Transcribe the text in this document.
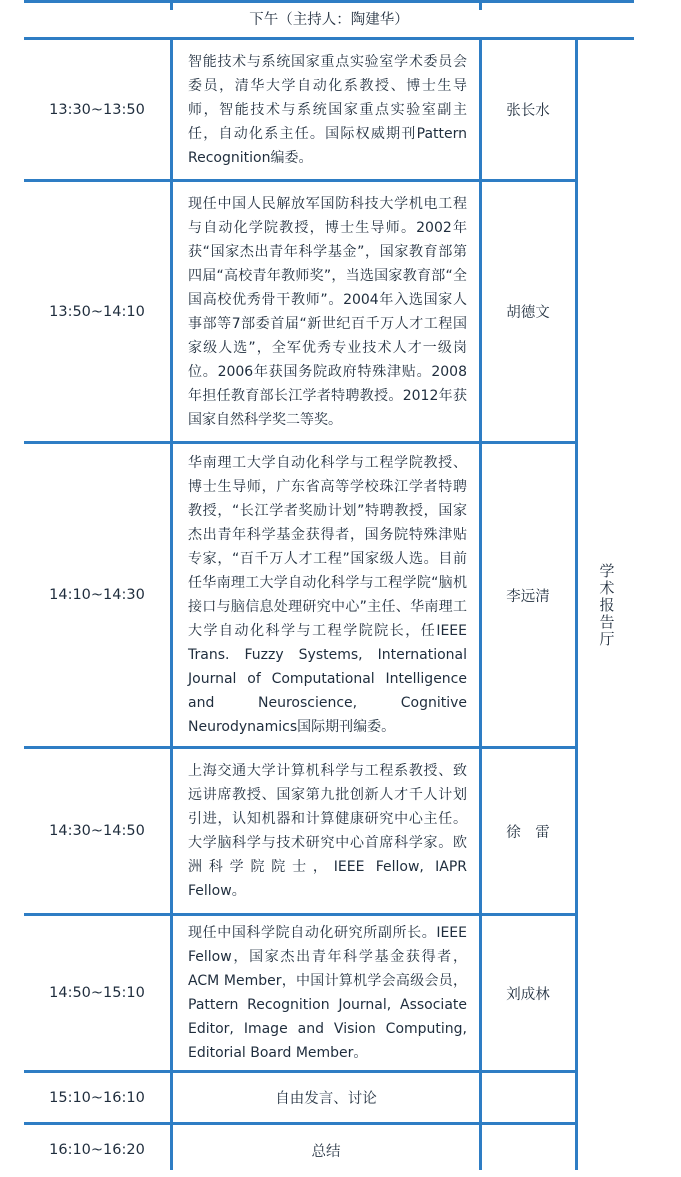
下午（主持人：陶建华）
学术报告厅
13:30~13:50
智能技术与系统国家重点实验室学术委员会委员，清华大学自动化系教授、博士生导师，智能技术与系统国家重点实验室副主任，自动化系主任。国际权威期刊Pattern Recognition编委。
张长水
13:50~14:10
现任中国人民解放军国防科技大学机电工程与自动化学院教授，博士生导师。2002年获“国家杰出青年科学基金”，国家教育部第四届“高校青年教师奖”，当选国家教育部“全国高校优秀骨干教师”。2004年入选国家人事部等7部委首届“新世纪百千万人才工程国家级人选”，全军优秀专业技术人才一级岗位。2006年获国务院政府特殊津贴。2008年担任教育部长江学者特聘教授。2012年获国家自然科学奖二等奖。
胡德文
14:10~14:30
华南理工大学自动化科学与工程学院教授、博士生导师，广东省高等学校珠江学者特聘教授，“长江学者奖励计划”特聘教授，国家杰出青年科学基金获得者，国务院特殊津贴专家，“百千万人才工程”国家级人选。目前任华南理工大学自动化科学与工程学院“脑机接口与脑信息处理研究中心”主任、华南理工大学自动化科学与工程学院院长，任IEEE Trans. Fuzzy Systems, International Journal of Computational Intelligence and Neuroscience, Cognitive Neurodynamics国际期刊编委。
李远清
14:30~14:50
上海交通大学计算机科学与工程系教授、致远讲席教授、国家第九批创新人才千人计划引进，认知机器和计算健康研究中心主任。大学脑科学与技术研究中心首席科学家。欧洲科学院院士，IEEE Fellow, IAPR Fellow。
徐　雷
14:50~15:10
现任中国科学院自动化研究所副所长。IEEE Fellow，国家杰出青年科学基金获得者，ACM Member，中国计算机学会高级会员，Pattern Recognition Journal, Associate Editor, Image and Vision Computing, Editorial Board Member。
刘成林
15:10~16:10	自由发言、讨论
16:10~16:20	总结
